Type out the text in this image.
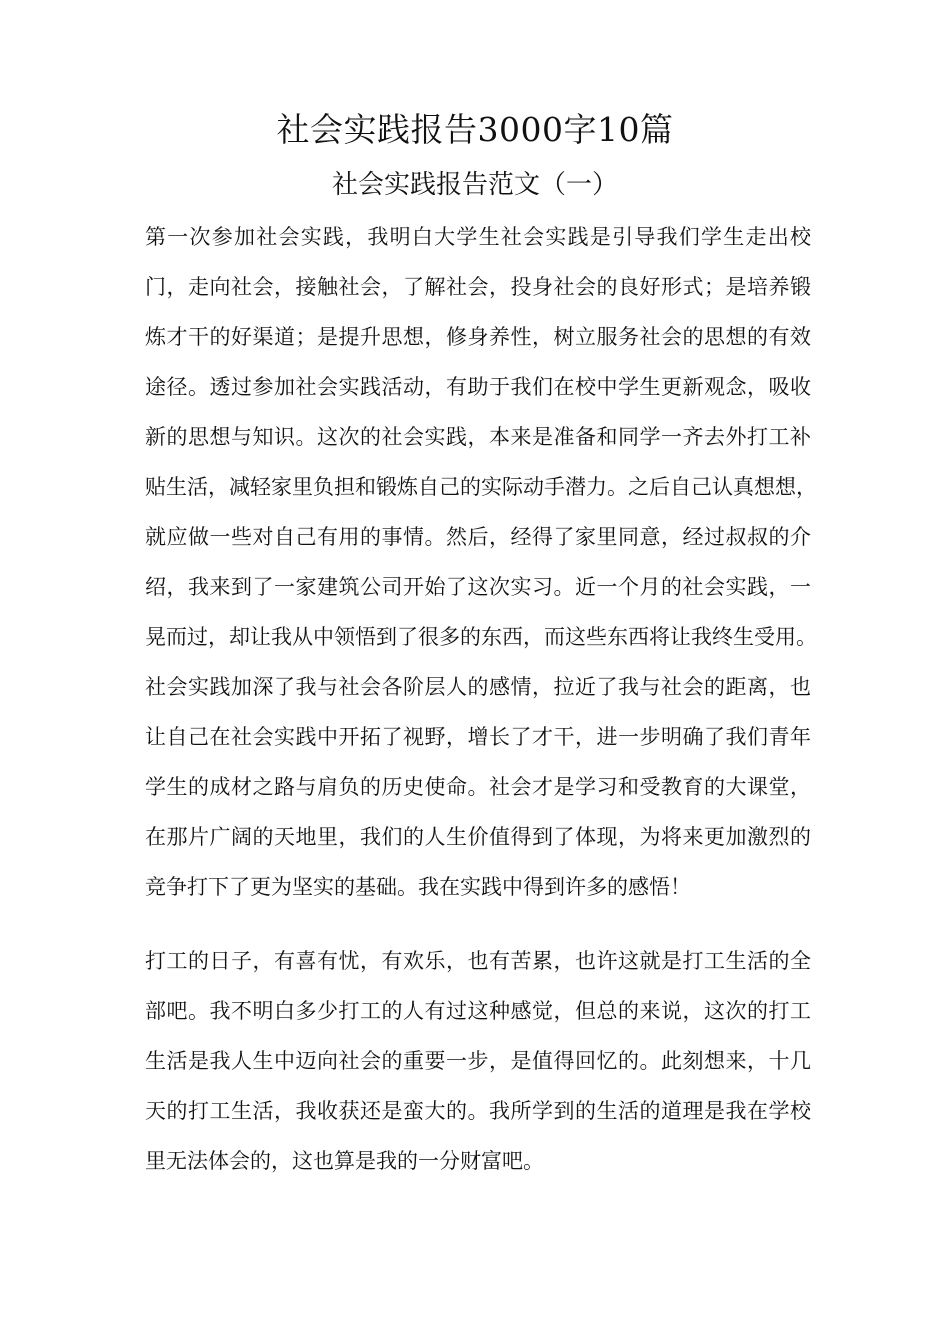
社会实践报告3000字10篇
社会实践报告范文（一）
第一次参加社会实践，我明白大学生社会实践是引导我们学生走出校
门，走向社会，接触社会，了解社会，投身社会的良好形式；是培养锻
炼才干的好渠道；是提升思想，修身养性，树立服务社会的思想的有效
途径。透过参加社会实践活动，有助于我们在校中学生更新观念，吸收
新的思想与知识。这次的社会实践，本来是准备和同学一齐去外打工补
贴生活，减轻家里负担和锻炼自己的实际动手潜力。之后自己认真想想，
就应做一些对自己有用的事情。然后，经得了家里同意，经过叔叔的介
绍，我来到了一家建筑公司开始了这次实习。近一个月的社会实践，一
晃而过，却让我从中领悟到了很多的东西，而这些东西将让我终生受用。
社会实践加深了我与社会各阶层人的感情，拉近了我与社会的距离，也
让自己在社会实践中开拓了视野，增长了才干，进一步明确了我们青年
学生的成材之路与肩负的历史使命。社会才是学习和受教育的大课堂，
在那片广阔的天地里，我们的人生价值得到了体现，为将来更加激烈的
竞争打下了更为坚实的基础。我在实践中得到许多的感悟！
打工的日子，有喜有忧，有欢乐，也有苦累，也许这就是打工生活的全
部吧。我不明白多少打工的人有过这种感觉，但总的来说，这次的打工
生活是我人生中迈向社会的重要一步，是值得回忆的。此刻想来，十几
天的打工生活，我收获还是蛮大的。我所学到的生活的道理是我在学校
里无法体会的，这也算是我的一分财富吧。
